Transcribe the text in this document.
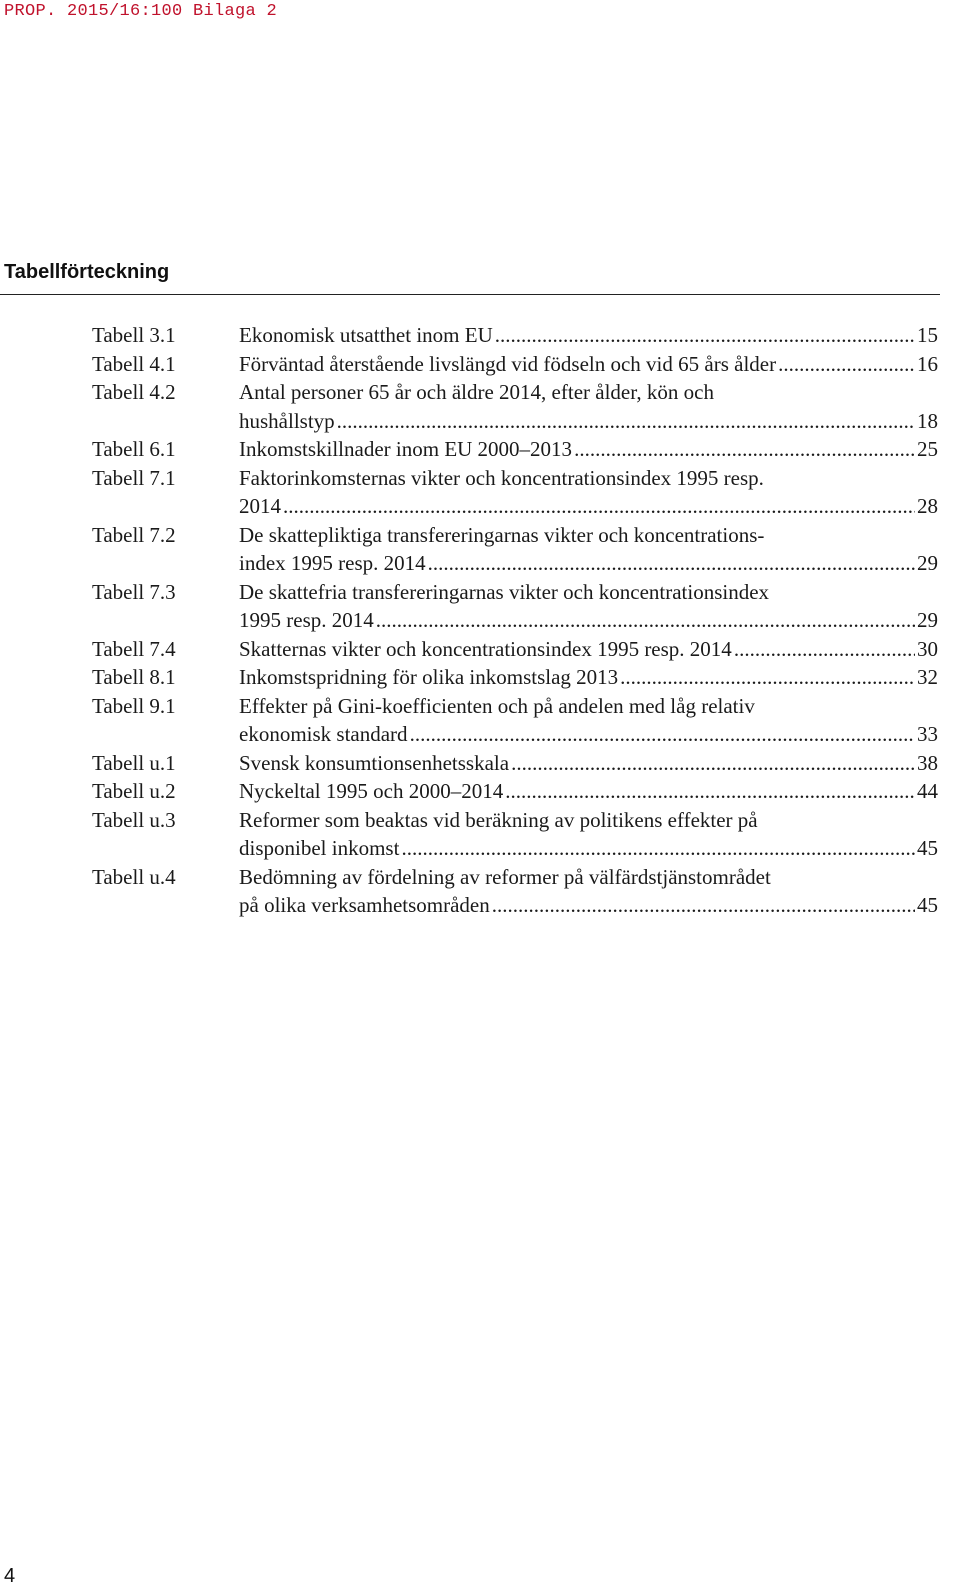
PROP. 2015/16:100 Bilaga 2
Tabellförteckning
Tabell 3.1	Ekonomisk utsatthet inom EU .....	15
Tabell 4.1	Förväntad återstående livslängd vid födseln och vid 65 års ålder .....	16
Tabell 4.2	Antal personer 65 år och äldre 2014, efter ålder, kön och
hushållstyp .....	18
Tabell 6.1	Inkomstskillnader inom EU 2000–2013 .....	25
Tabell 7.1	Faktorinkomsternas vikter och koncentrationsindex 1995 resp.
2014 .....	28
Tabell 7.2	De skattepliktiga transfereringarnas vikter och koncentrations-
index 1995 resp. 2014 .....	29
Tabell 7.3	De skattefria transfereringarnas vikter och koncentrationsindex
1995 resp. 2014 .....	29
Tabell 7.4	Skatternas vikter och koncentrationsindex 1995 resp. 2014 .....	30
Tabell 8.1	Inkomstspridning för olika inkomstslag 2013 .....	32
Tabell 9.1	Effekter på Gini-koefficienten och på andelen med låg relativ
ekonomisk standard .....	33
Tabell u.1	Svensk konsumtionsenhetsskala .....	38
Tabell u.2	Nyckeltal 1995 och 2000–2014 .....	44
Tabell u.3	Reformer som beaktas vid beräkning av politikens effekter på
disponibel inkomst .....	45
Tabell u.4	Bedömning av fördelning av reformer på välfärdstjänstområdet
på olika verksamhetsområden .....	45
4
